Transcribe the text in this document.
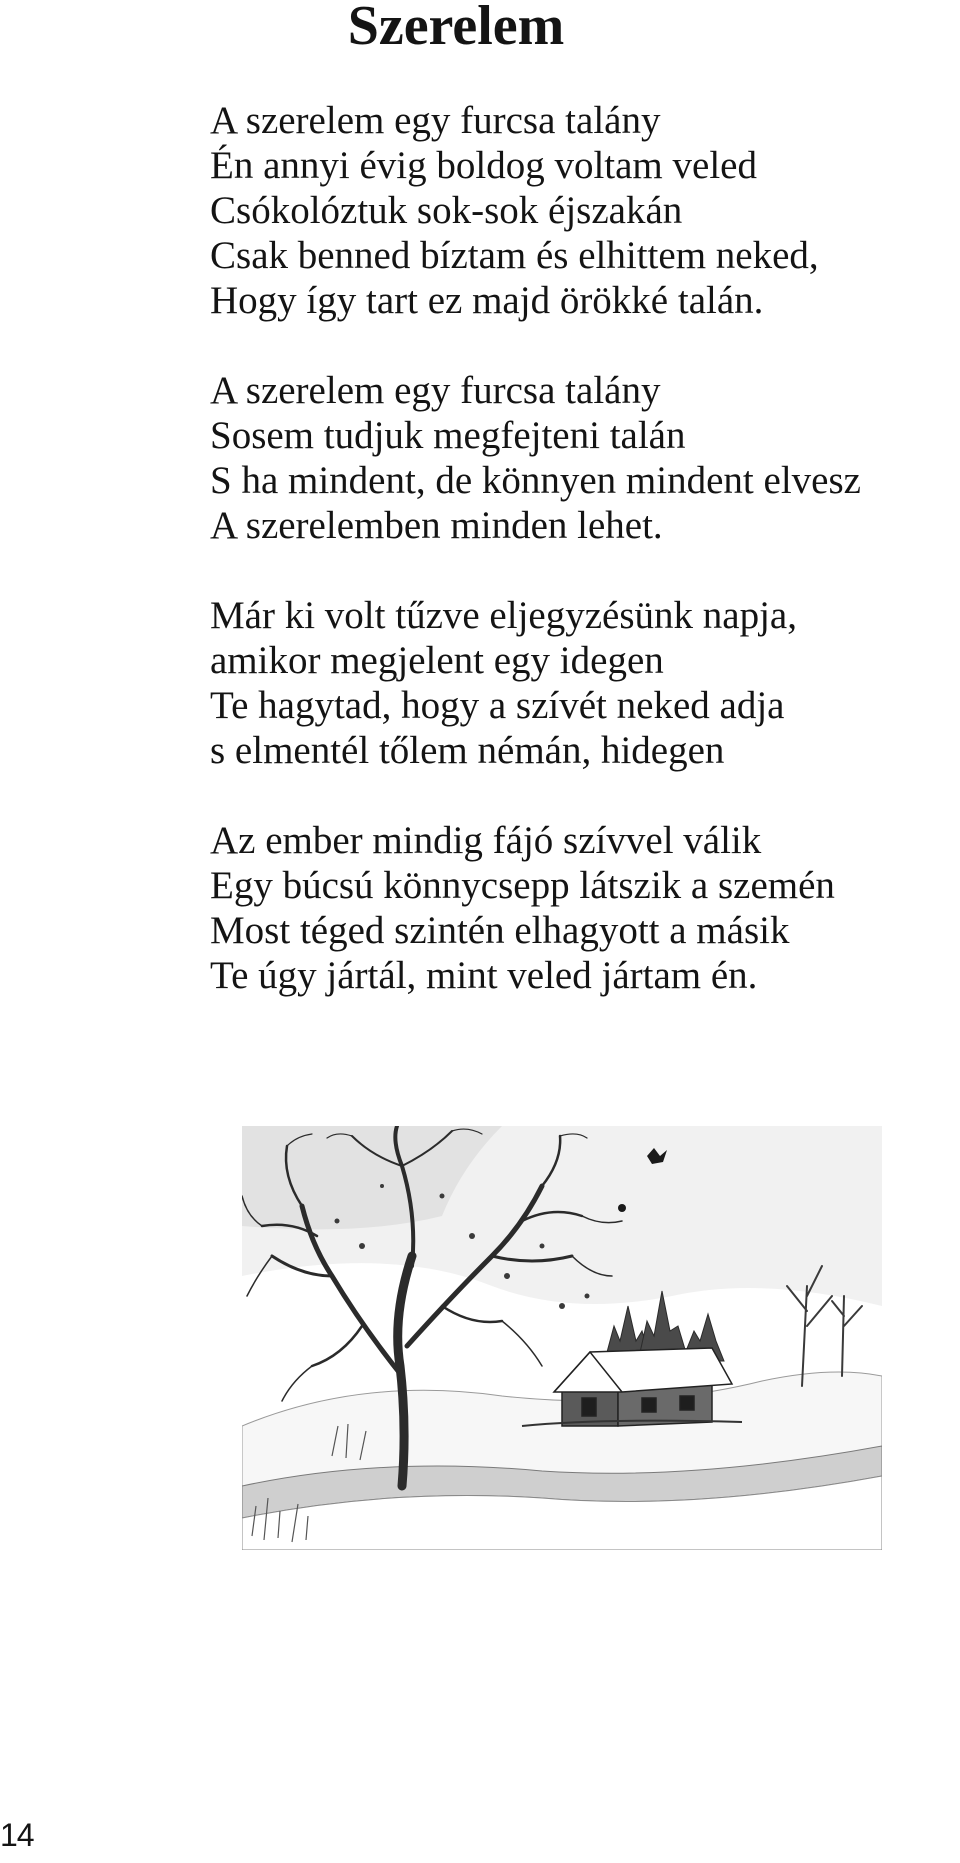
Szerelem
A szerelem egy furcsa talány
Én annyi évig boldog voltam veled
Csókolóztuk sok-sok éjszakán
Csak benned bíztam és elhittem neked,
Hogy így tart ez majd örökké talán.
A szerelem egy furcsa talány
Sosem tudjuk megfejteni talán
S ha mindent, de könnyen mindent elvesz
A szerelemben minden lehet.
Már ki volt tűzve eljegyzésünk napja,
amikor megjelent egy idegen
Te hagytad, hogy a szívét neked adja
s elmentél tőlem némán, hidegen
Az ember mindig fájó szívvel válik
Egy búcsú könnycsepp látszik a szemén
Most téged szintén elhagyott a másik
Te úgy jártál, mint veled jártam én.
14
